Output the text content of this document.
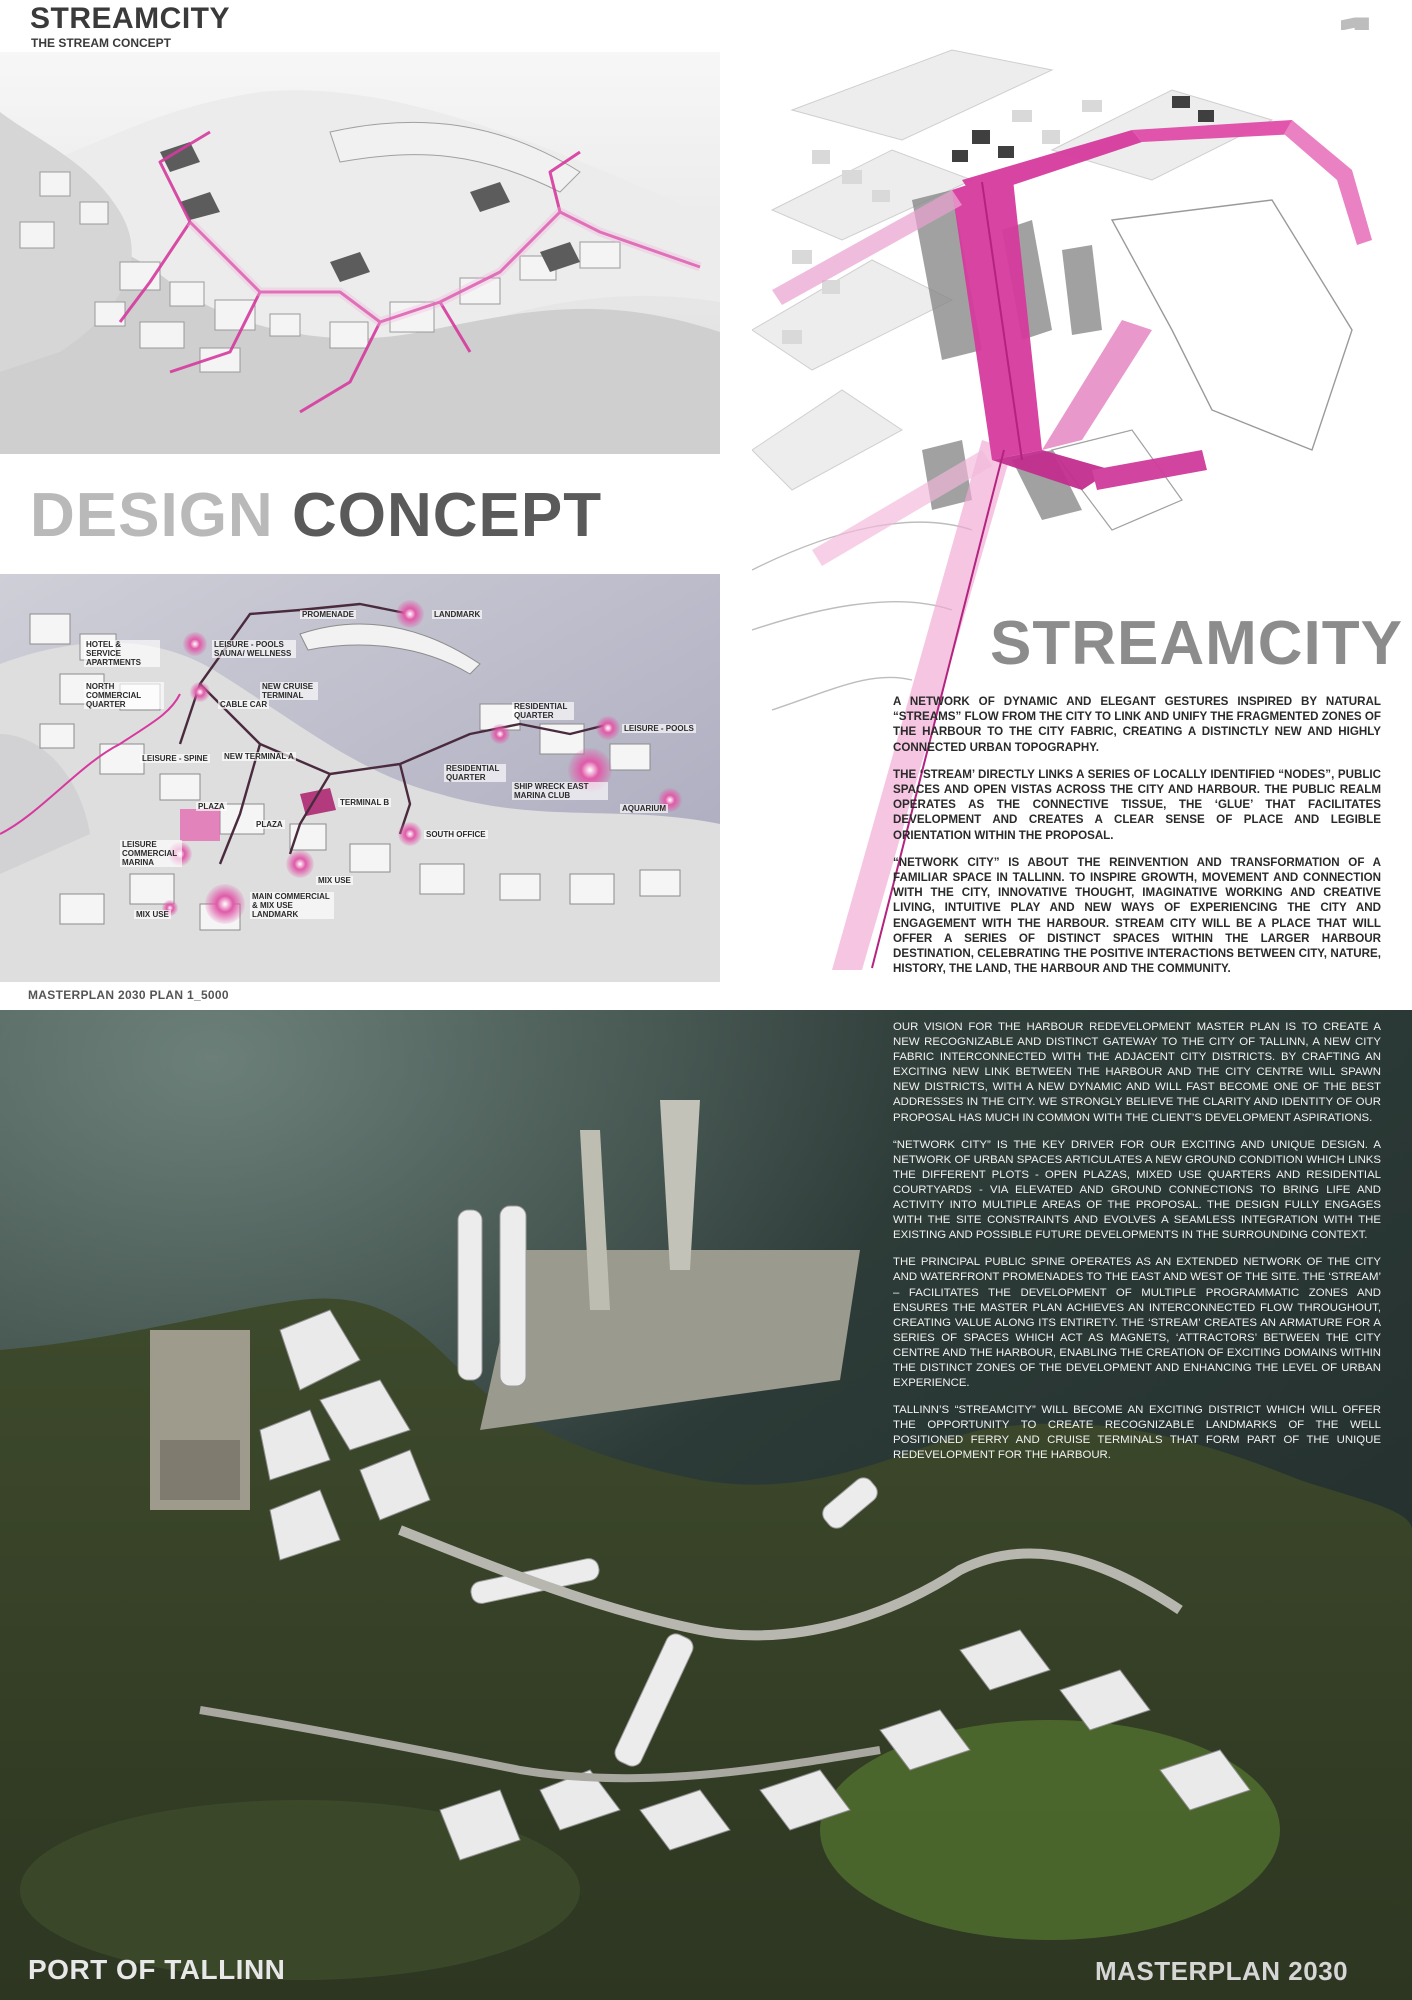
STREAMCITY
THE STREAM CONCEPT
DESIGN CONCEPT
PROMENADE	LANDMARK
HOTEL & SERVICE APARTMENTS
LEISURE - POOLS SAUNA/ WELLNESS
NORTH COMMERCIAL QUARTER	CABLE CAR
NEW CRUISE TERMINAL
RESIDENTIAL QUARTER
LEISURE - POOLS
LEISURE - SPINE NEW TERMINAL A
RESIDENTIAL QUARTER
PLAZA	TERMINAL B
SHIP WRECK EAST MARINA CLUB
AQUARIUM
PLAZA
LEISURE COMMERCIAL MARINA
SOUTH OFFICE
MIX USE
MIX USE
MAIN COMMERCIAL & MIX USE LANDMARK
MASTERPLAN 2030 PLAN 1_5000
STREAMCITY

A NETWORK OF DYNAMIC AND ELEGANT GESTURES INSPIRED BY NATURAL “STREAMS” FLOW FROM THE CITY TO LINK AND UNIFY THE FRAGMENTED ZONES OF THE HARBOUR TO THE CITY FABRIC, CREATING A DISTINCTLY NEW AND HIGHLY CONNECTED URBAN TOPOGRAPHY.

THE ‘STREAM’ DIRECTLY LINKS A SERIES OF LOCALLY IDENTIFIED “NODES”, PUBLIC SPACES AND OPEN VISTAS ACROSS THE CITY AND HARBOUR. THE PUBLIC REALM OPERATES AS THE CONNECTIVE TISSUE, THE ‘GLUE’ THAT FACILITATES DEVELOPMENT AND CREATES A CLEAR SENSE OF PLACE AND LEGIBLE ORIENTATION WITHIN THE PROPOSAL.

“NETWORK CITY” IS ABOUT THE REINVENTION AND TRANSFORMATION OF A FAMILIAR SPACE IN TALLINN. TO INSPIRE GROWTH, MOVEMENT AND CONNECTION WITH THE CITY, INNOVATIVE THOUGHT, IMAGINATIVE WORKING AND CREATIVE LIVING, INTUITIVE PLAY AND NEW WAYS OF EXPERIENCING THE CITY AND ENGAGEMENT WITH THE HARBOUR. STREAM CITY WILL BE A PLACE THAT WILL OFFER A SERIES OF DISTINCT SPACES WITHIN THE LARGER HARBOUR DESTINATION, CELEBRATING THE POSITIVE INTERACTIONS BETWEEN CITY, NATURE, HISTORY, THE LAND, THE HARBOUR AND THE COMMUNITY.

OUR VISION FOR THE HARBOUR REDEVELOPMENT MASTER PLAN IS TO CREATE A NEW RECOGNIZABLE AND DISTINCT GATEWAY TO THE CITY OF TALLINN, A NEW CITY FABRIC INTERCONNECTED WITH THE ADJACENT CITY DISTRICTS. BY CRAFTING AN EXCITING NEW LINK BETWEEN THE HARBOUR AND THE CITY CENTRE WILL SPAWN NEW DISTRICTS, WITH A NEW DYNAMIC AND WILL FAST BECOME ONE OF THE BEST ADDRESSES IN THE CITY. WE STRONGLY BELIEVE THE CLARITY AND IDENTITY OF OUR PROPOSAL HAS MUCH IN COMMON WITH THE CLIENT’S DEVELOPMENT ASPIRATIONS.

“NETWORK CITY” IS THE KEY DRIVER FOR OUR EXCITING AND UNIQUE DESIGN. A NETWORK OF URBAN SPACES ARTICULATES A NEW GROUND CONDITION WHICH LINKS THE DIFFERENT PLOTS - OPEN PLAZAS, MIXED USE QUARTERS AND RESIDENTIAL COURTYARDS - VIA ELEVATED AND GROUND CONNECTIONS TO BRING LIFE AND ACTIVITY INTO MULTIPLE AREAS OF THE PROPOSAL. THE DESIGN FULLY ENGAGES WITH THE SITE CONSTRAINTS AND EVOLVES A SEAMLESS INTEGRATION WITH THE EXISTING AND POSSIBLE FUTURE DEVELOPMENTS IN THE SURROUNDING CONTEXT.

THE PRINCIPAL PUBLIC SPINE OPERATES AS AN EXTENDED NETWORK OF THE CITY AND WATERFRONT PROMENADES TO THE EAST AND WEST OF THE SITE. THE ‘STREAM’ – FACILITATES THE DEVELOPMENT OF MULTIPLE PROGRAMMATIC ZONES AND ENSURES THE MASTER PLAN ACHIEVES AN INTERCONNECTED FLOW THROUGHOUT, CREATING VALUE ALONG ITS ENTIRETY. THE ‘STREAM’ CREATES AN ARMATURE FOR A SERIES OF SPACES WHICH ACT AS MAGNETS, ‘ATTRACTORS’ BETWEEN THE CITY CENTRE AND THE HARBOUR, ENABLING THE CREATION OF EXCITING DOMAINS WITHIN THE DISTINCT ZONES OF THE DEVELOPMENT AND ENHANCING THE LEVEL OF URBAN EXPERIENCE.

TALLINN’S “STREAMCITY” WILL BECOME AN EXCITING DISTRICT WHICH WILL OFFER THE OPPORTUNITY TO CREATE RECOGNIZABLE LANDMARKS OF THE WELL POSITIONED FERRY AND CRUISE TERMINALS THAT FORM PART OF THE UNIQUE REDEVELOPMENT FOR THE HARBOUR.

PORT OF TALLINN	MASTERPLAN 2030
